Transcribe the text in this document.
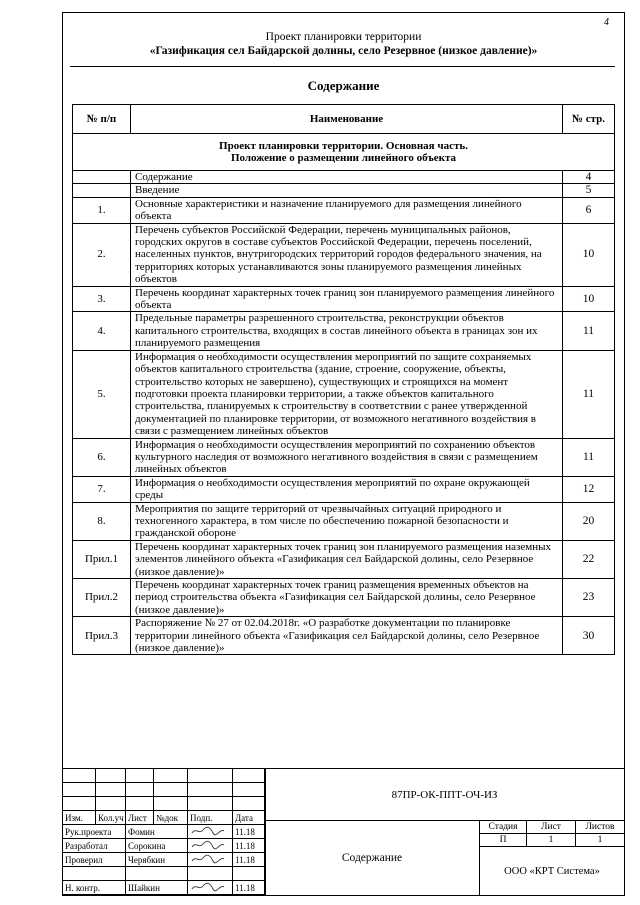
4
Проект планировки территории
«Газификация сел Байдарской долины, село Резервное (низкое давление)»
Содержание
№ п/п	Наименование	№ стр.

Проект планировки территории. Основная часть.
Положение о размещении линейного объекта		

	Содержание	4
	Введение	5
1.	Основные характеристики и назначение планируемого для размещения линейного объекта	6
2.	Перечень субъектов Российской Федерации, перечень муниципальных районов, городских округов в составе субъектов Российской Федерации, перечень поселений, населенных пунктов, внутригородских территорий городов федерального значения, на территориях которых устанавливаются зоны планируемого размещения линейных объектов	10
3.	Перечень координат характерных точек границ зон планируемого размещения линейного объекта	10
4.	Предельные параметры разрешенного строительства, реконструкции объектов капитального строительства, входящих в состав линейного объекта в границах зон их планируемого размещения	11
5.	Информация о необходимости осуществления мероприятий по защите сохраняемых объектов капитального строительства (здание, строение, сооружение, объекты, строительство которых не завершено), существующих и строящихся на момент подготовки проекта планировки территории, а также объектов капитального строительства, планируемых к строительству в соответствии с ранее утвержденной документацией по планировке территории, от возможного негативного воздействия в связи с размещением линейных объектов	11
6.	Информация о необходимости осуществления мероприятий по сохранению объектов культурного наследия от возможного негативного воздействия в связи с размещением линейных объектов	11
7.	Информация о необходимости осуществления мероприятий по охране окружающей среды	12
8.	Мероприятия по защите территорий от чрезвычайных ситуаций природного и техногенного характера, в том числе по обеспечению пожарной безопасности и гражданской обороне	20
Прил.1	Перечень координат характерных точек границ зон планируемого размещения наземных элементов линейного объекта «Газификация сел Байдарской долины, село Резервное (низкое давление)»	22
Прил.2	Перечень координат характерных точек границ размещения временных объектов на период строительства объекта «Газификация сел Байдарской долины, село Резервное (низкое давление)»	23
Прил.3	Распоряжение № 27 от 02.04.2018г. «О разработке документации по планировке территории линейного объекта «Газификация сел Байдарской долины, село Резервное (низкое давление)»	30

Изм.	Кол.уч	Лист	№док	Подп.	Дата
Рук.проекта		Фомин			11.18
Разработал		Сорокина			11.18
Проверил		Черябкин			11.18

Н. контр.		Шайкин			11.18
87ПР-ОК-ППТ-ОЧ-ИЗ
Содержание
Стадия	Лист	Листов
П	1	1
ООО «КРТ Система»
